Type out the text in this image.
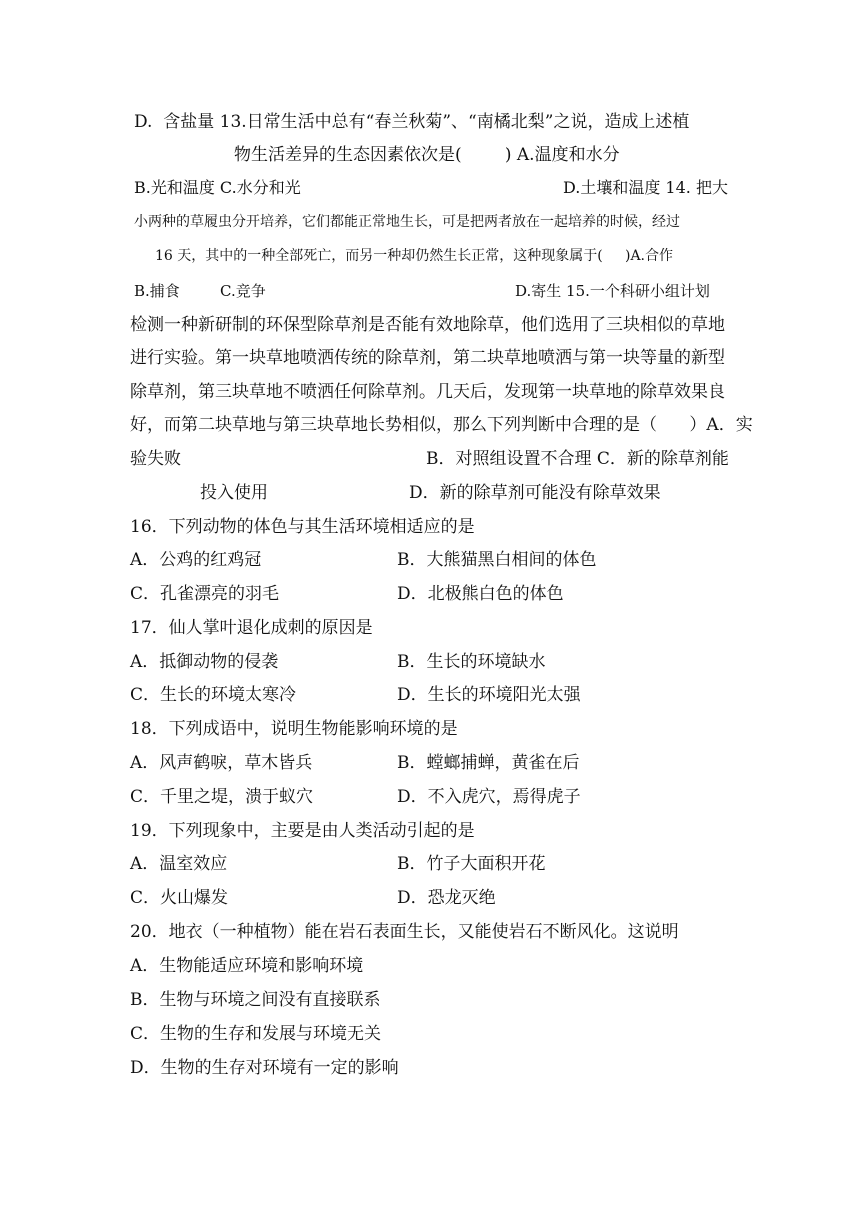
D.  含盐量 13.日常生活中总有“春兰秋菊”、“南橘北梨”之说，造成上述植
物生活差异的生态因素依次是(        ) A.温度和水分
B.光和温度 C.水分和光	D.土壤和温度 14. 把大
小两种的草履虫分开培养，它们都能正常地生长，可是把两者放在一起培养的时候，经过
16 天，其中的一种全部死亡，而另一种却仍然生长正常，这种现象属于(     )A.合作
B.捕食	C.竞争	D.寄生 15.一个科研小组计划
检测一种新研制的环保型除草剂是否能有效地除草，他们选用了三块相似的草地
进行实验。第一块草地喷洒传统的除草剂，第二块草地喷洒与第一块等量的新型
除草剂，第三块草地不喷洒任何除草剂。几天后，发现第一块草地的除草效果良
好，而第二块草地与第三块草地长势相似，那么下列判断中合理的是（      ）A．实
验失败	B．对照组设置不合理 C．新的除草剂能
投入使用	D．新的除草剂可能没有除草效果
16．下列动物的体色与其生活环境相适应的是
A．公鸡的红鸡冠	B．大熊猫黑白相间的体色
C．孔雀漂亮的羽毛	D．北极熊白色的体色
17．仙人掌叶退化成刺的原因是
A．抵御动物的侵袭	B．生长的环境缺水
C．生长的环境太寒冷	D．生长的环境阳光太强
18．下列成语中，说明生物能影响环境的是
A．风声鹤唳，草木皆兵	B．螳螂捕蝉，黄雀在后
C．千里之堤，溃于蚁穴	D．不入虎穴，焉得虎子
19．下列现象中，主要是由人类活动引起的是
A．温室效应	B．竹子大面积开花
C．火山爆发	D．恐龙灭绝
20．地衣（一种植物）能在岩石表面生长，又能使岩石不断风化。这说明
A．生物能适应环境和影响环境
B．生物与环境之间没有直接联系
C．生物的生存和发展与环境无关
D．生物的生存对环境有一定的影响
